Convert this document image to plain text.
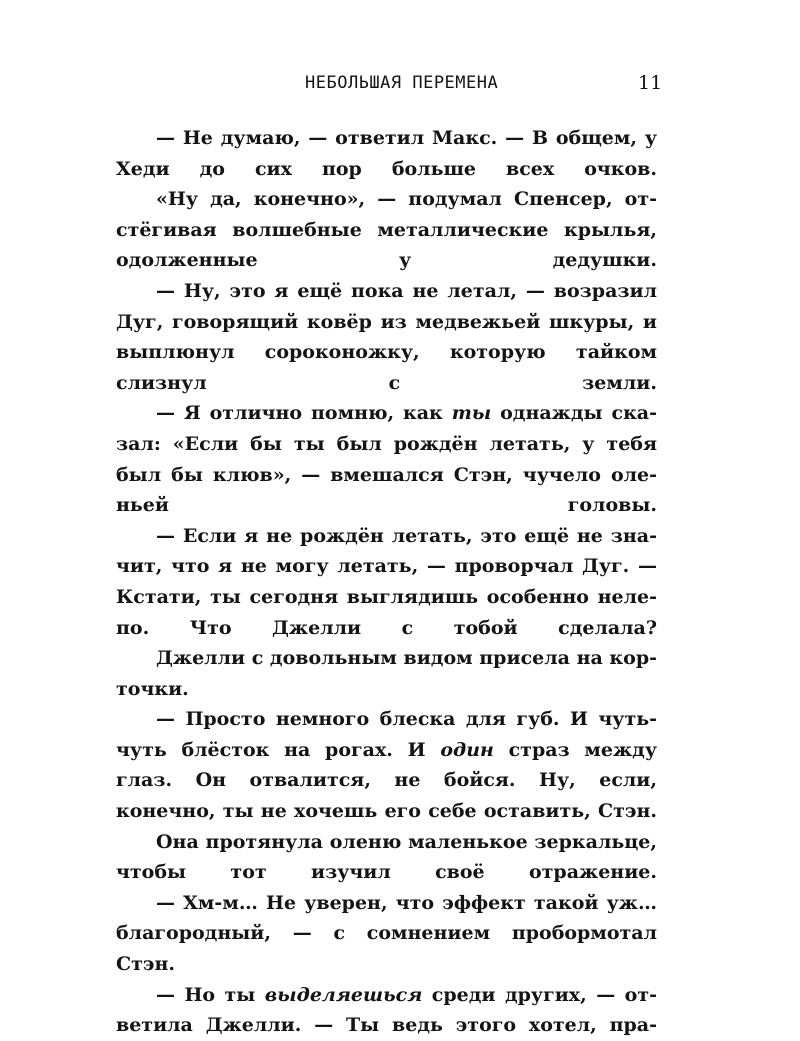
НЕБОЛЬШАЯ ПЕРЕМЕНА	11

— Не думаю, — ответил Макс. — В общем, у Хеди до сих пор больше всех очков.

«Ну да, конечно», — подумал Спенсер, отстёгивая волшебные металлические крылья, одолженные у дедушки.

— Ну, это я ещё пока не летал, — возразил Дуг, говорящий ковёр из медвежьей шкуры, и выплюнул сороконожку, которую тайком слизнул с земли.

— Я отлично помню, как ты однажды сказал: «Если бы ты был рождён летать, у тебя был бы клюв», — вмешался Стэн, чучело оленьей головы.

— Если я не рождён летать, это ещё не значит, что я не могу летать, — проворчал Дуг. — Кстати, ты сегодня выглядишь особенно нелепо. Что Джелли с тобой сделала?

Джелли с довольным видом присела на корточки.

— Просто немного блеска для губ. И чуть-чуть блёсток на рогах. И один страз между глаз. Он отвалится, не бойся. Ну, если, конечно, ты не хочешь его себе оставить, Стэн.

Она протянула оленю маленькое зеркальце, чтобы тот изучил своё отражение.

— Хм-м… Не уверен, что эффект такой уж… благородный, — с сомнением пробормотал Стэн.

— Но ты выделяешься среди других, — ответила Джелли. — Ты ведь этого хотел, пра-
